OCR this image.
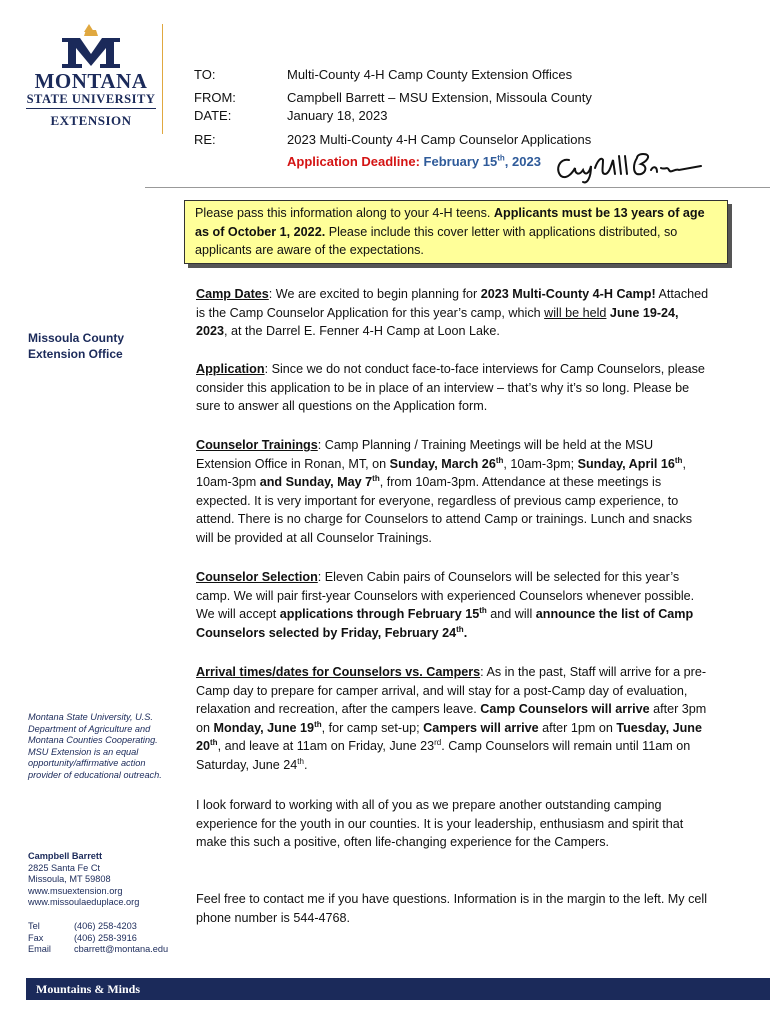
MONTANA
STATE UNIVERSITY
EXTENSION
TO:	Multi-County 4-H Camp County Extension Offices
FROM:	Campbell Barrett – MSU Extension, Missoula County
DATE:	January 18, 2023
RE:	2023 Multi-County 4-H Camp Counselor Applications
Application Deadline: February 15th, 2023
Please pass this information along to your 4-H teens. Applicants must be 13 years of age as of October 1, 2022. Please include this cover letter with applications distributed, so applicants are aware of the expectations.

Camp Dates: We are excited to begin planning for 2023 Multi-County 4-H Camp! Attached is the Camp Counselor Application for this year’s camp, which will be held June 19-24, 2023, at the Darrel E. Fenner 4-H Camp at Loon Lake.

Application: Since we do not conduct face-to-face interviews for Camp Counselors, please consider this application to be in place of an interview – that’s why it’s so long. Please be sure to answer all questions on the Application form.

Counselor Trainings: Camp Planning / Training Meetings will be held at the MSU Extension Office in Ronan, MT, on Sunday, March 26th, 10am-3pm; Sunday, April 16th, 10am-3pm and Sunday, May 7th, from 10am-3pm. Attendance at these meetings is expected. It is very important for everyone, regardless of previous camp experience, to attend. There is no charge for Counselors to attend Camp or trainings. Lunch and snacks will be provided at all Counselor Trainings.

Counselor Selection: Eleven Cabin pairs of Counselors will be selected for this year’s camp. We will pair first-year Counselors with experienced Counselors whenever possible. We will accept applications through February 15th and will announce the list of Camp Counselors selected by Friday, February 24th.

Arrival times/dates for Counselors vs. Campers: As in the past, Staff will arrive for a pre-Camp day to prepare for camper arrival, and will stay for a post-Camp day of evaluation, relaxation and recreation, after the campers leave. Camp Counselors will arrive after 3pm on Monday, June 19th, for camp set-up; Campers will arrive after 1pm on Tuesday, June 20th, and leave at 11am on Friday, June 23rd. Camp Counselors will remain until 11am on Saturday, June 24th.

I look forward to working with all of you as we prepare another outstanding camping experience for the youth in our counties. It is your leadership, enthusiasm and spirit that make this such a positive, often life-changing experience for the Campers.

Feel free to contact me if you have questions. Information is in the margin to the left. My cell phone number is 544-4768.

Missoula County
Extension Office
Montana State University, U.S. Department of Agriculture and Montana Counties Cooperating. MSU Extension is an equal opportunity/affirmative action provider of educational outreach.
Campbell Barrett
2825 Santa Fe Ct
Missoula, MT 59808
www.msuextension.org
www.missoulaeduplace.org
Tel	(406) 258-4203
Fax	(406) 258-3916
Email	cbarrett@montana.edu
Mountains & Minds
